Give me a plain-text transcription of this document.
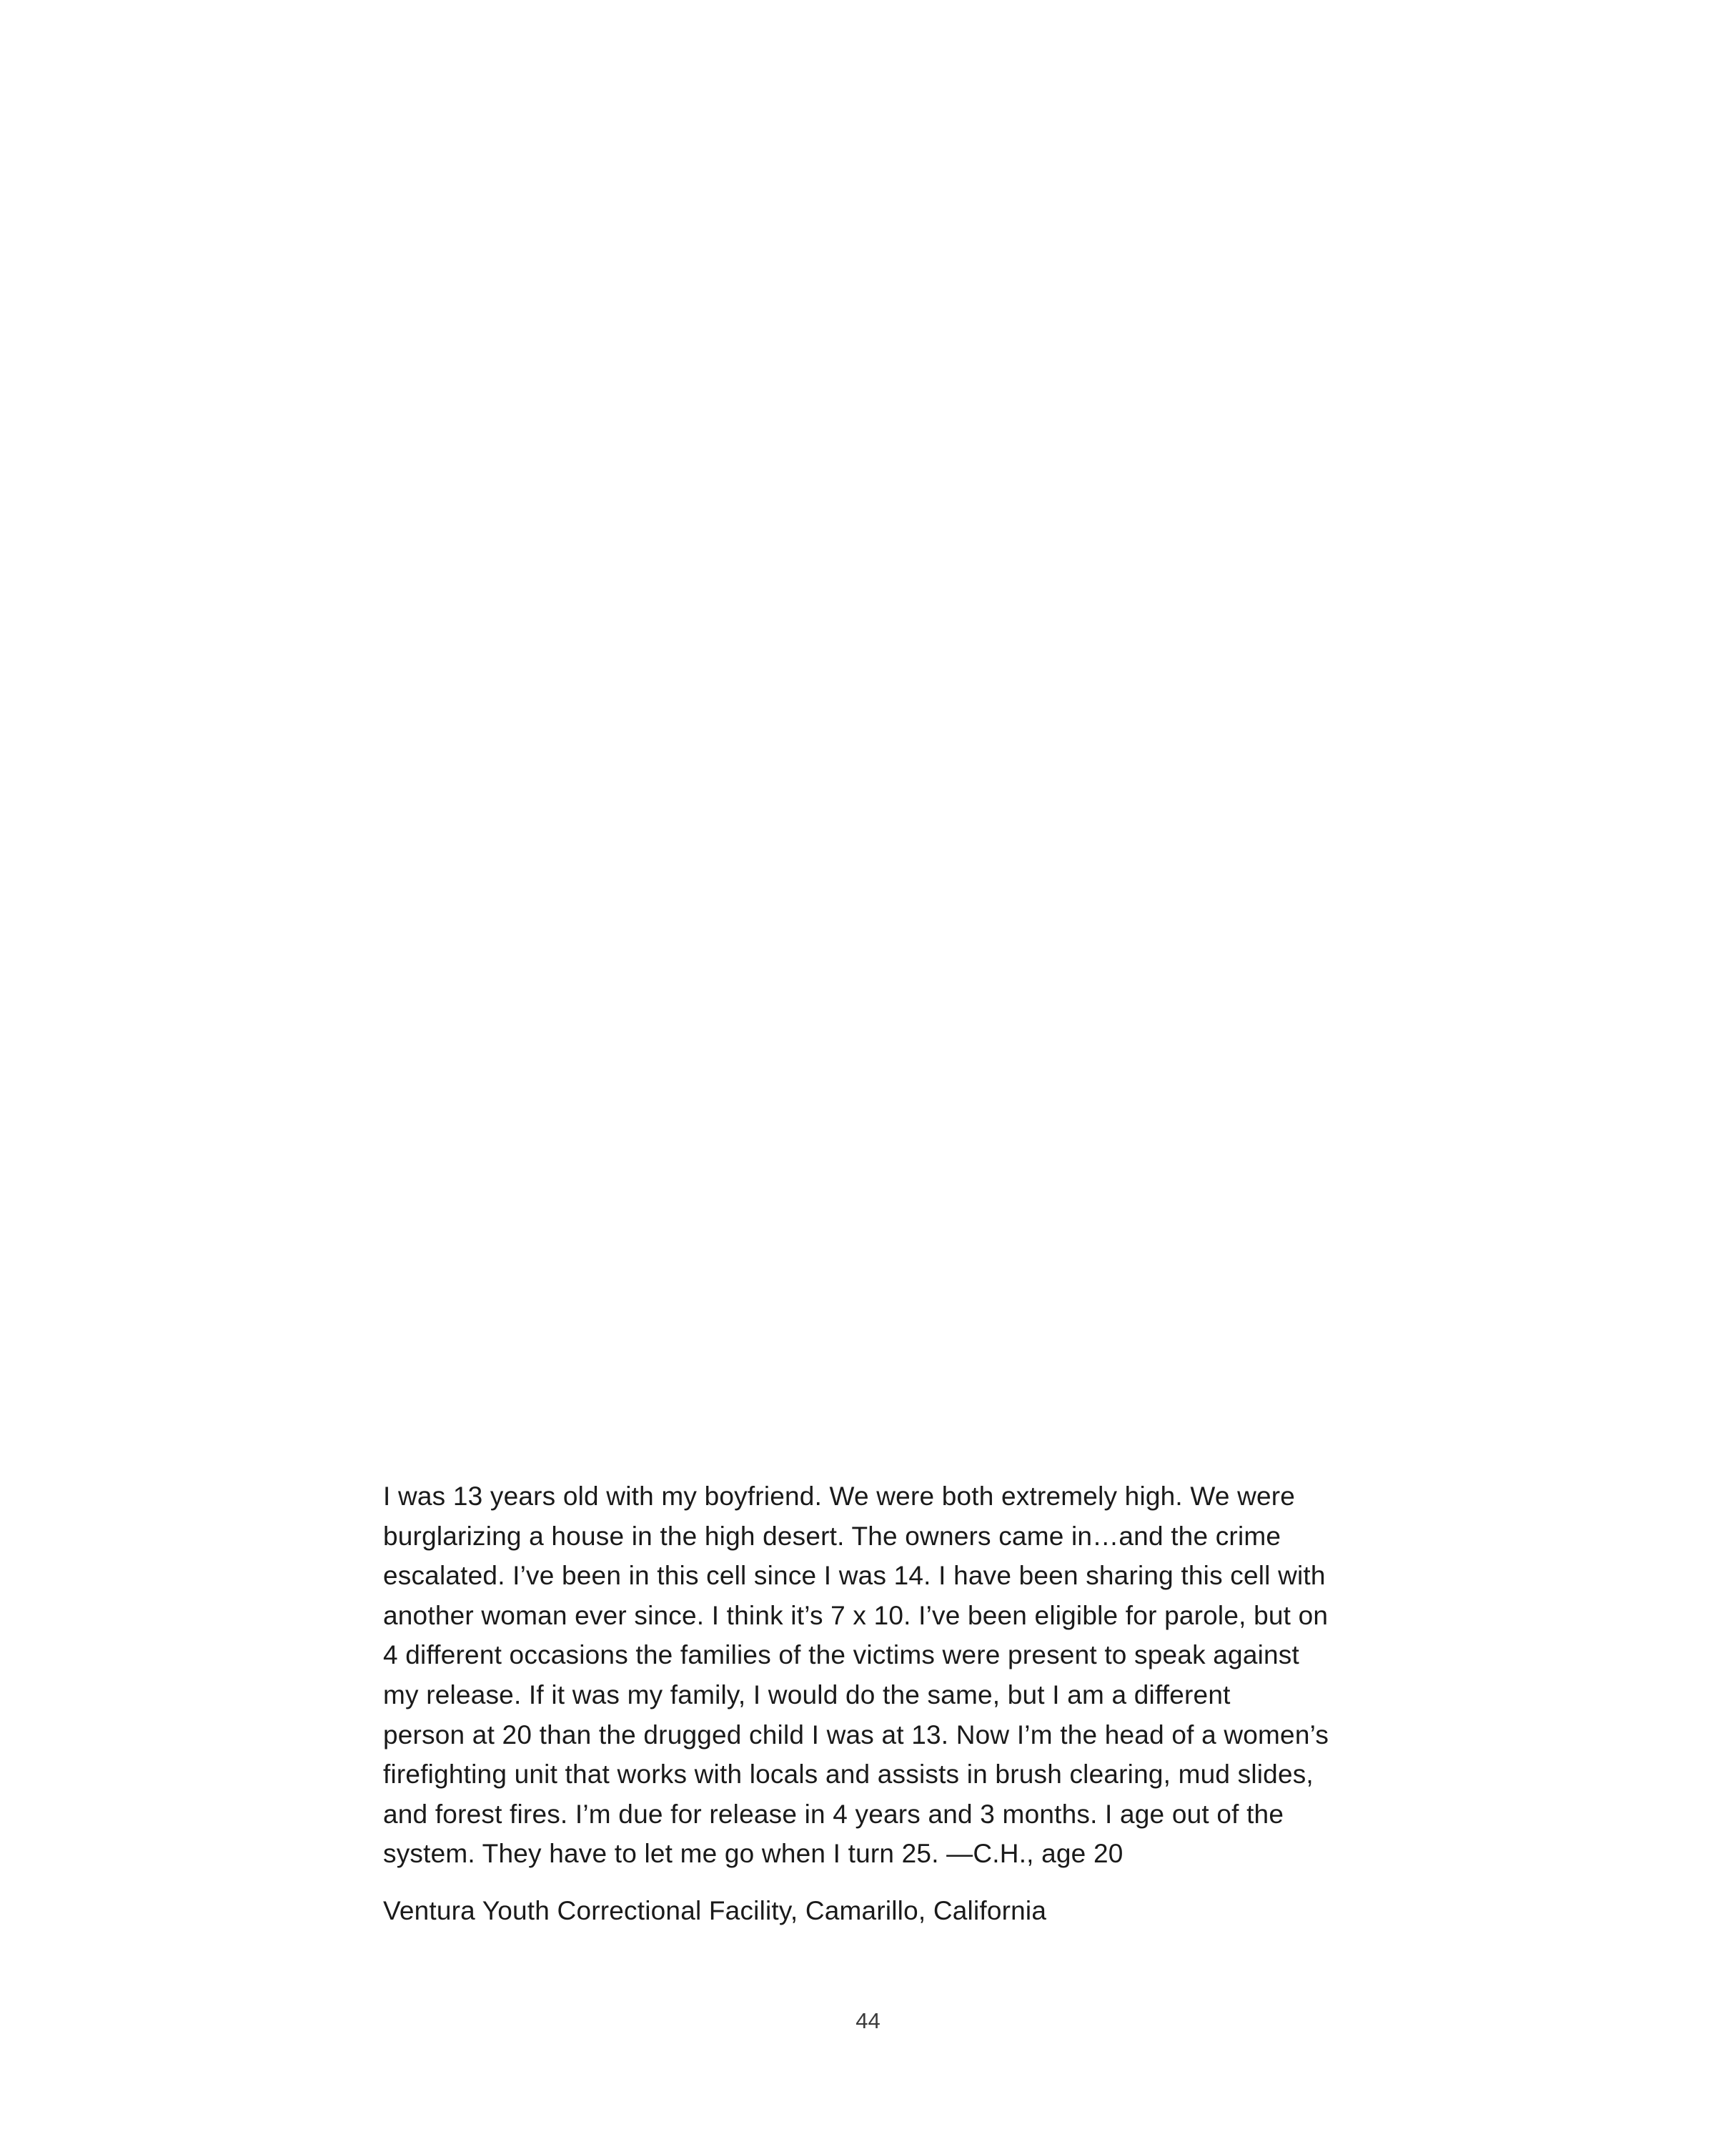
I was 13 years old with my boyfriend. We were both extremely high. We were
burglarizing a house in the high desert. The owners came in…and the crime
escalated. I’ve been in this cell since I was 14. I have been sharing this cell with
another woman ever since. I think it’s 7 x 10. I’ve been eligible for parole, but on
4 different occasions the families of the victims were present to speak against
my release. If it was my family, I would do the same, but I am a different
person at 20 than the drugged child I was at 13. Now I’m the head of a women’s
firefighting unit that works with locals and assists in brush clearing, mud slides,
and forest fires. I’m due for release in 4 years and 3 months. I age out of the
system. They have to let me go when I turn 25. —C.H., age 20

Ventura Youth Correctional Facility, Camarillo, California

44
